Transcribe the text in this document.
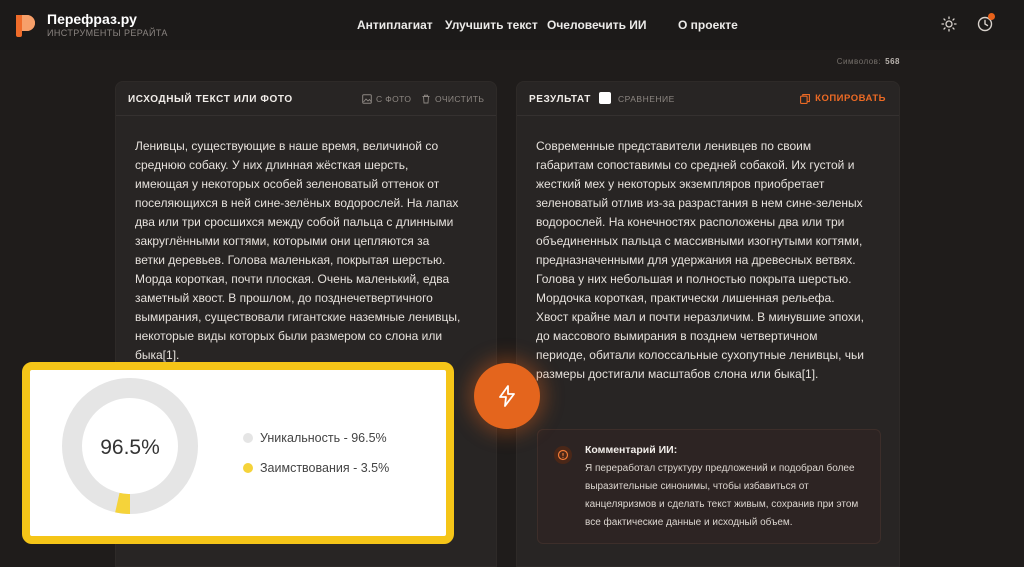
Перефраз.ру
ИНСТРУМЕНТЫ РЕРАЙТА
Антиплагиат Улучшить текст Очеловечить ИИ	О проекте
Символов: 568
ИСХОДНЫЙ ТЕКСТ ИЛИ ФОТО	С ФОТО	ОЧИСТИТЬ
Ленивцы, существующие в наше время, величиной со
среднюю собаку. У них длинная жёсткая шерсть,
имеющая у некоторых особей зеленоватый оттенок от
поселяющихся в ней сине-зелёных водорослей. На лапах
два или три сросшихся между собой пальца с длинными
закруглёнными когтями, которыми они цепляются за
ветки деревьев. Голова маленькая, покрытая шерстью.
Морда короткая, почти плоская. Очень маленький, едва
заметный хвост. В прошлом, до позднечетвертичного
вымирания, существовали гигантские наземные ленивцы,
некоторые виды которых были размером со слона или
быка[1].
РЕЗУЛЬТАТ	СРАВНЕНИЕ	КОПИРОВАТЬ
Современные представители ленивцев по своим
габаритам сопоставимы со средней собакой. Их густой и
жесткий мех у некоторых экземпляров приобретает
зеленоватый отлив из-за разрастания в нем сине-зеленых
водорослей. На конечностях расположены два или три
объединенных пальца с массивными изогнутыми когтями,
предназначенными для удержания на древесных ветвях.
Голова у них небольшая и полностью покрыта шерстью.
Мордочка короткая, практически лишенная рельефа.
Хвост крайне мал и почти неразличим. В минувшие эпохи,
до массового вымирания в позднем четвертичном
периоде, обитали колоссальные сухопутные ленивцы, чьи
размеры достигали масштабов слона или быка[1].
Комментарий ИИ:
Я переработал структуру предложений и подобрал более выразительные синонимы, чтобы избавиться от канцеляризмов и сделать текст живым, сохранив при этом все фактические данные и исходный объем.
96.5%	Уникальность - 96.5%
Заимствования - 3.5%
